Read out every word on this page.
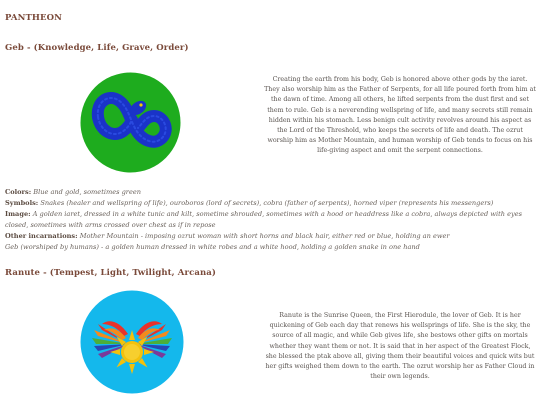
PANTHEON
Geb - (Knowledge, Life, Grave, Order)
Creating the earth from his body, Geb is honored above other gods by the iaret. They also worship him as the Father of Serpents, for all life poured forth from him at the dawn of time. Among all others, he lifted serpents from the dust first and set them to rule. Geb is a neverending wellspring of life, and many secrets still remain hidden within his stomach. Less benign cult activity revolves around his aspect as the Lord of the Threshold, who keeps the secrets of life and death. The ozrut worship him as Mother Mountain, and human worship of Geb tends to focus on his life-giving aspect and omit the serpent connections.
Colors: Blue and gold, sometimes green
Symbols: Snakes (healer and wellspring of life), ouroboros (lord of secrets), cobra (father of serpents), horned viper (represents his messengers)
Image: A golden iaret, dressed in a white tunic and kilt, sometime shrouded, sometimes with a hood or headdress like a cobra, always depicted with eyes closed, sometimes with arms crossed over chest as if in repose
Other incarnations: Mother Mountain - imposing ozrut woman with short horns and black hair, either red or blue, holding an ewer
Geb (worshiped by humans) - a golden human dressed in white robes and a white hood, holding a golden snake in one hand
Ranute - (Tempest, Light, Twilight, Arcana)
Ranute is the Sunrise Queen, the First Hierodule, the lover of Geb. It is her quickening of Geb each day that renews his wellsprings of life. She is the sky, the source of all magic, and while Geb gives life, she bestows other gifts on mortals whether they want them or not. It is said that in her aspect of the Greatest Flock, she blessed the ptak above all, giving them their beautiful voices and quick wits but her gifts weighed them down to the earth. The ozrut worship her as Father Cloud in their own legends.
